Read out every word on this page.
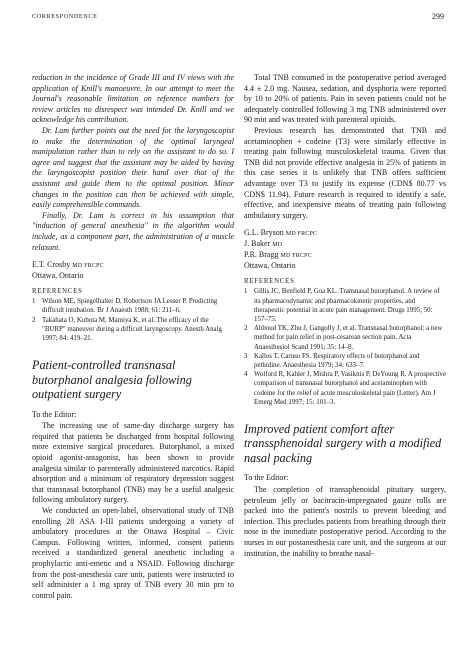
CORRESPONDENCE	299

reduction in the incidence of Grade III and IV views with the application of Knill's manoeuvre. In our attempt to meet the Journal's reasonable limitation on reference numbers for review articles no disrespect was intended Dr. Knill and we acknowledge his contribution.

Dr. Lam further points out the need for the laryngoscopist to make the determination of the optimal laryngeal manipulation rather than to rely on the assistant to do so. I agree and suggest that the assistant may be aided by having the laryngoscopist position their hand over that of the assistant and guide them to the optimal position. Minor changes in the position can then be achieved with simple, easily comprehensible commands.

Finally, Dr. Lam is correct in his assumption that "induction of general anesthesia" in the algorithm would include, as a component part, the administration of a muscle relaxant.

E.T. Crosby MD FRCPC
Ottawa, Ontario
REFERENCES
1 Wilson ME, Spiegelhalter D, Robertson JA Lesser P. Predicting difficult intubation. Br J Anaesth 1988; 61: 211–6.
2 Takahata O, Kubota M, Mamiya K, et al. The efficacy of the "BURP" maneuver during a difficult laryngoscopy. Anesth Analg 1997; 84: 419–21.
Patient-controlled transnasal butorphanol analgesia following outpatient surgery
To the Editor:

The increasing use of same-day discharge surgery has required that patients be discharged from hospital following more extensive surgical procedures. Butorphanol, a mixed opioid agonist-antagonist, has been shown to provide analgesia similar to parenterally administered narcotics. Rapid absorption and a minimum of respiratory depression suggest that transnasal butorphanol (TNB) may be a useful analgesic following ambulatory surgery.

We conducted an open-label, observational study of TNB enrolling 28 ASA I-III patients undergoing a variety of ambulatory procedures at the Ottawa Hospital – Civic Campus. Following written, informed, consent patients received a standardized general anesthetic including a prophylactic anti-emetic and a NSAID. Following discharge from the post-anesthesia care unit, patients were instructed to self administer a 1 mg spray of TNB every 30 min prn to control pain.

Total TNB consumed in the postoperative period averaged 4.4 ± 2.0 mg. Nausea, sedation, and dysphoria were reported by 10 to 20% of patients. Pain in seven patients could not be adequately controlled following 3 mg TNB administered over 90 min and was treated with parenteral opioids.

Previous research has demonstrated that TNB and acetaminophen + codeine (T3) were similarly effective in treating pain following musculoskeletal trauma. Given that TNB did not provide effective analgesia in 25% of patients in this case series it is unlikely that TNB offers sufficient advantage over T3 to justify its expense (CDN$ 80.77 vs CDN$ 11.94). Future research is required to identify a safe, effective, and inexpensive means of treating pain following ambulatory surgery.

G.L. Bryson MD FRCPC
J. Baker MD
P.R. Bragg MD FRCPC
Ottawa, Ontario
REFERENCES
1 Gillis JC, Benfield P, Goa KL. Transnasal butorphanol. A review of its pharmacodynamic and pharmacokinetic properties, and therapeutic potential in acute pain management. Drugs 1995; 50: 157–75.
2 Abboud TK, Zhu J, Gangolly J, et al. Transnasal butorphanol: a new method for pain relief in post-cesarean section pain. Acta Anaesthesiol Scand 1991; 35: 14–8.
3 Kallos T, Caruso FS. Respiratory effects of butorphanol and pethidine. Anaesthesia 1979; 34: 633–7.
4 Wolford R, Kahler J, Mishra P, Vasiknis P, DeYoung R. A prospective comparison of transnasal butorphanol and acetaminophen with codeine for the relief of acute musculoskeletal pain (Letter). Am J Emerg Med 1997; 15: 101–3.
Improved patient comfort after transsphenoidal surgery with a modified nasal packing
To the Editor:

The completion of transsphenoidal pituitary surgery, petroleum jelly or bacitracin-impregnated gauze rolls are packed into the patient's nostrils to prevent bleeding and infection. This precludes patients from breathing through their nose in the immediate postoperative period. According to the nurses in our postanesthesia care unit, and the surgeons at our institution, the inability to breathe nasal-
